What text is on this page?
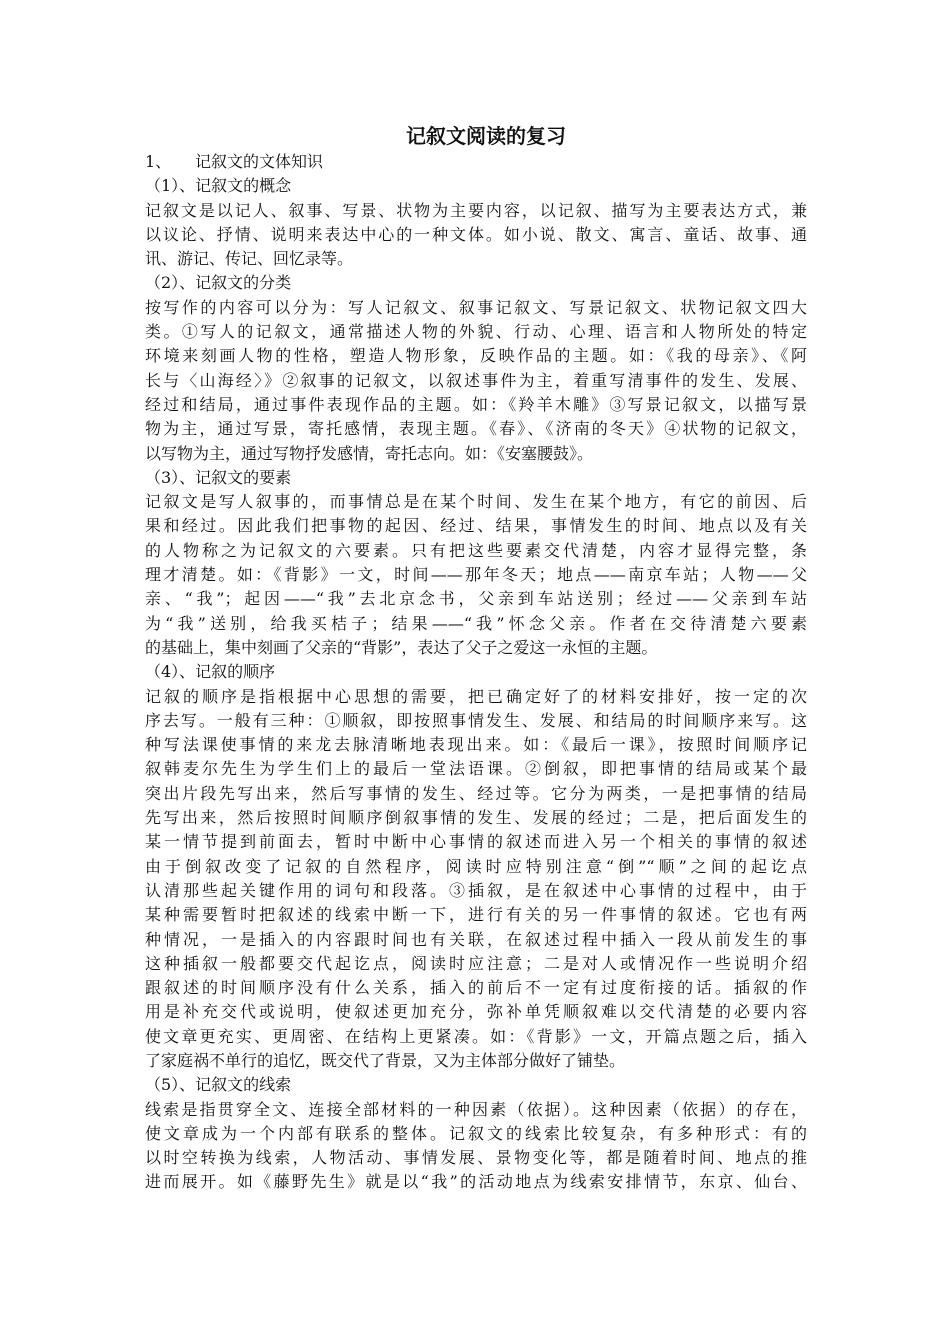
记叙文阅读的复习
1、 记叙文的文体知识
（1）、记叙文的概念
记叙文是以记人、叙事、写景、状物为主要内容，以记叙、描写为主要表达方式，兼
以议论、抒情、说明来表达中心的一种文体。如小说、散文、寓言、童话、故事、通
讯、游记、传记、回忆录等。
（2）、记叙文的分类
按写作的内容可以分为：写人记叙文、叙事记叙文、写景记叙文、状物记叙文四大
类。①写人的记叙文，通常描述人物的外貌、行动、心理、语言和人物所处的特定
环境来刻画人物的性格，塑造人物形象，反映作品的主题。如：《我的母亲》、《阿
长与〈山海经〉》②叙事的记叙文，以叙述事件为主，着重写清事件的发生、发展、
经过和结局，通过事件表现作品的主题。如：《羚羊木雕》③写景记叙文，以描写景
物为主，通过写景，寄托感情，表现主题。《春》、《济南的冬天》④状物的记叙文，
以写物为主，通过写物抒发感情，寄托志向。如：《安塞腰鼓》。
（3）、记叙文的要素
记叙文是写人叙事的，而事情总是在某个时间、发生在某个地方，有它的前因、后
果和经过。因此我们把事物的起因、经过、结果，事情发生的时间、地点以及有关
的人物称之为记叙文的六要素。只有把这些要素交代清楚，内容才显得完整，条
理才清楚。如：《背影》一文，时间——那年冬天；地点——南京车站；人物——父
亲、“我”；起因——“我”去北京念书，父亲到车站送别；经过——父亲到车站
为“我”送别，给我买桔子；结果——“我”怀念父亲。作者在交待清楚六要素
的基础上，集中刻画了父亲的“背影”，表达了父子之爱这一永恒的主题。
（4）、记叙的顺序
记叙的顺序是指根据中心思想的需要，把已确定好了的材料安排好，按一定的次
序去写。一般有三种：①顺叙，即按照事情发生、发展、和结局的时间顺序来写。这
种写法课使事情的来龙去脉清晰地表现出来。如：《最后一课》，按照时间顺序记
叙韩麦尔先生为学生们上的最后一堂法语课。②倒叙，即把事情的结局或某个最
突出片段先写出来，然后写事情的发生、经过等。它分为两类，一是把事情的结局
先写出来，然后按照时间顺序倒叙事情的发生、发展的经过；二是，把后面发生的
某一情节提到前面去，暂时中断中心事情的叙述而进入另一个相关的事情的叙述
由于倒叙改变了记叙的自然程序，阅读时应特别注意“倒”“顺”之间的起讫点
认清那些起关键作用的词句和段落。③插叙，是在叙述中心事情的过程中，由于
某种需要暂时把叙述的线索中断一下，进行有关的另一件事情的叙述。它也有两
种情况，一是插入的内容跟时间也有关联，在叙述过程中插入一段从前发生的事
这种插叙一般都要交代起讫点，阅读时应注意；二是对人或情况作一些说明介绍
跟叙述的时间顺序没有什么关系，插入的前后不一定有过度衔接的话。插叙的作
用是补充交代或说明，使叙述更加充分，弥补单凭顺叙难以交代清楚的必要内容
使文章更充实、更周密、在结构上更紧凑。如：《背影》一文，开篇点题之后，插入
了家庭祸不单行的追忆，既交代了背景，又为主体部分做好了铺垫。
（5）、记叙文的线索
线索是指贯穿全文、连接全部材料的一种因素（依据）。这种因素（依据）的存在，
使文章成为一个内部有联系的整体。记叙文的线索比较复杂，有多种形式：有的
以时空转换为线索，人物活动、事情发展、景物变化等，都是随着时间、地点的推
进而展开。如《藤野先生》就是以“我”的活动地点为线索安排情节，东京、仙台、
